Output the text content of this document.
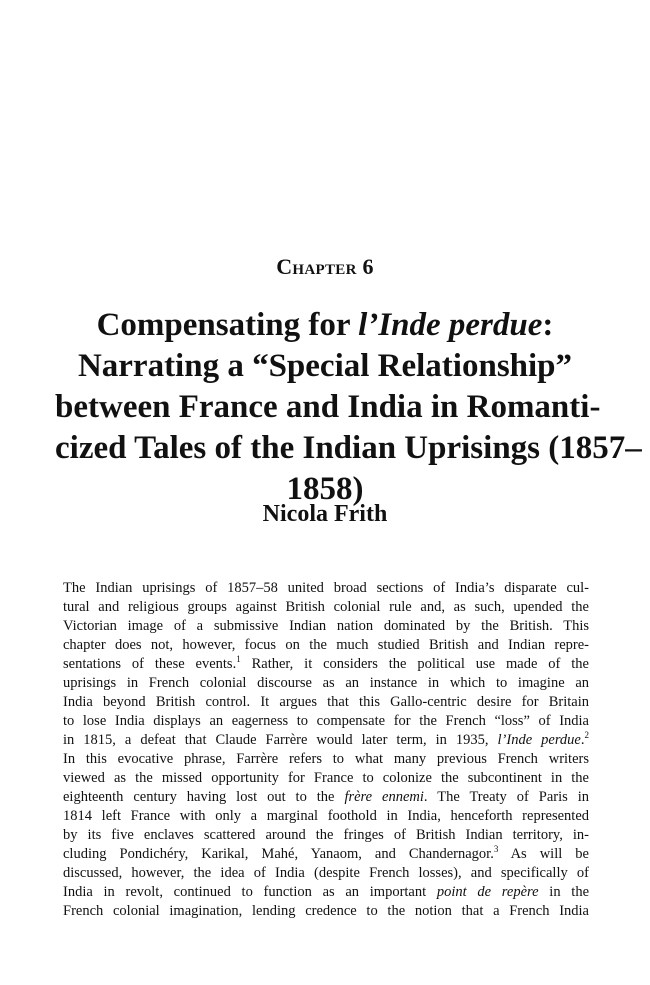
Chapter 6
Compensating for l’Inde perdue:
Narrating a “Special Relationship”
between France and India in Romanti-
cized Tales of the Indian Uprisings (1857–
1858)
Nicola Frith

The Indian uprisings of 1857–58 united broad sections of India’s disparate cul-
tural and religious groups against British colonial rule and, as such, upended the
Victorian image of a submissive Indian nation dominated by the British. This
chapter does not, however, focus on the much studied British and Indian repre-
sentations of these events.$^1$ Rather, it considers the political use made of the
uprisings in French colonial discourse as an instance in which to imagine an
India beyond British control. It argues that this Gallo-centric desire for Britain
to lose India displays an eagerness to compensate for the French “loss” of India
in 1815, a defeat that Claude Farrère would later term, in 1935, l’Inde perdue.$^2$
In this evocative phrase, Farrère refers to what many previous French writers
viewed as the missed opportunity for France to colonize the subcontinent in the
eighteenth century having lost out to the frère ennemi. The Treaty of Paris in
1814 left France with only a marginal foothold in India, henceforth represented
by its five enclaves scattered around the fringes of British Indian territory, in-
cluding Pondichéry, Karikal, Mahé, Yanaom, and Chandernagor.$^3$ As will be
discussed, however, the idea of India (despite French losses), and specifically of
India in revolt, continued to function as an important point de repère in the
French colonial imagination, lending credence to the notion that a French India
